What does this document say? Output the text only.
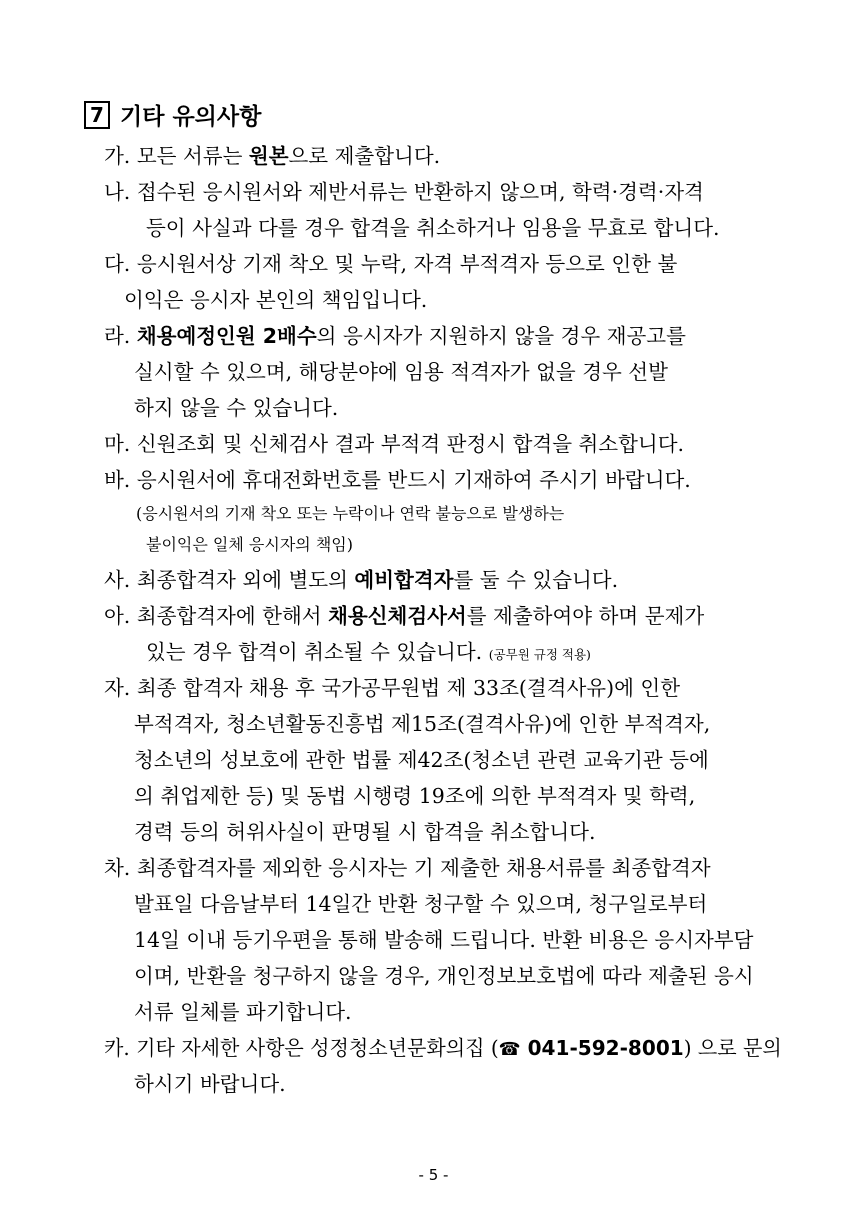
7 기타 유의사항
가. 모든 서류는 원본으로 제출합니다.
나. 접수된 응시원서와 제반서류는 반환하지 않으며, 학력·경력·자격
등이 사실과 다를 경우 합격을 취소하거나 임용을 무효로 합니다.
다. 응시원서상 기재 착오 및 누락, 자격 부적격자 등으로 인한 불
이익은 응시자 본인의 책임입니다.
라. 채용예정인원 2배수의 응시자가 지원하지 않을 경우 재공고를
실시할 수 있으며, 해당분야에 임용 적격자가 없을 경우 선발
하지 않을 수 있습니다.
마. 신원조회 및 신체검사 결과 부적격 판정시 합격을 취소합니다.
바. 응시원서에 휴대전화번호를 반드시 기재하여 주시기 바랍니다.
(응시원서의 기재 착오 또는 누락이나 연락 불능으로 발생하는
불이익은 일체 응시자의 책임)
사. 최종합격자 외에 별도의 예비합격자를 둘 수 있습니다.
아. 최종합격자에 한해서 채용신체검사서를 제출하여야 하며 문제가
있는 경우 합격이 취소될 수 있습니다. (공무원 규정 적용)
자. 최종 합격자 채용 후 국가공무원법 제 33조(결격사유)에 인한
부적격자, 청소년활동진흥법 제15조(결격사유)에 인한 부적격자,
청소년의 성보호에 관한 법률 제42조(청소년 관련 교육기관 등에
의 취업제한 등) 및 동법 시행령 19조에 의한 부적격자 및 학력,
경력 등의 허위사실이 판명될 시 합격을 취소합니다.
차. 최종합격자를 제외한 응시자는 기 제출한 채용서류를 최종합격자
발표일 다음날부터 14일간 반환 청구할 수 있으며, 청구일로부터
14일 이내 등기우편을 통해 발송해 드립니다. 반환 비용은 응시자부담
이며, 반환을 청구하지 않을 경우, 개인정보보호법에 따라 제출된 응시
서류 일체를 파기합니다.
카. 기타 자세한 사항은 성정청소년문화의집 (☎ 041-592-8001) 으로 문의
하시기 바랍니다.
- 5 -
